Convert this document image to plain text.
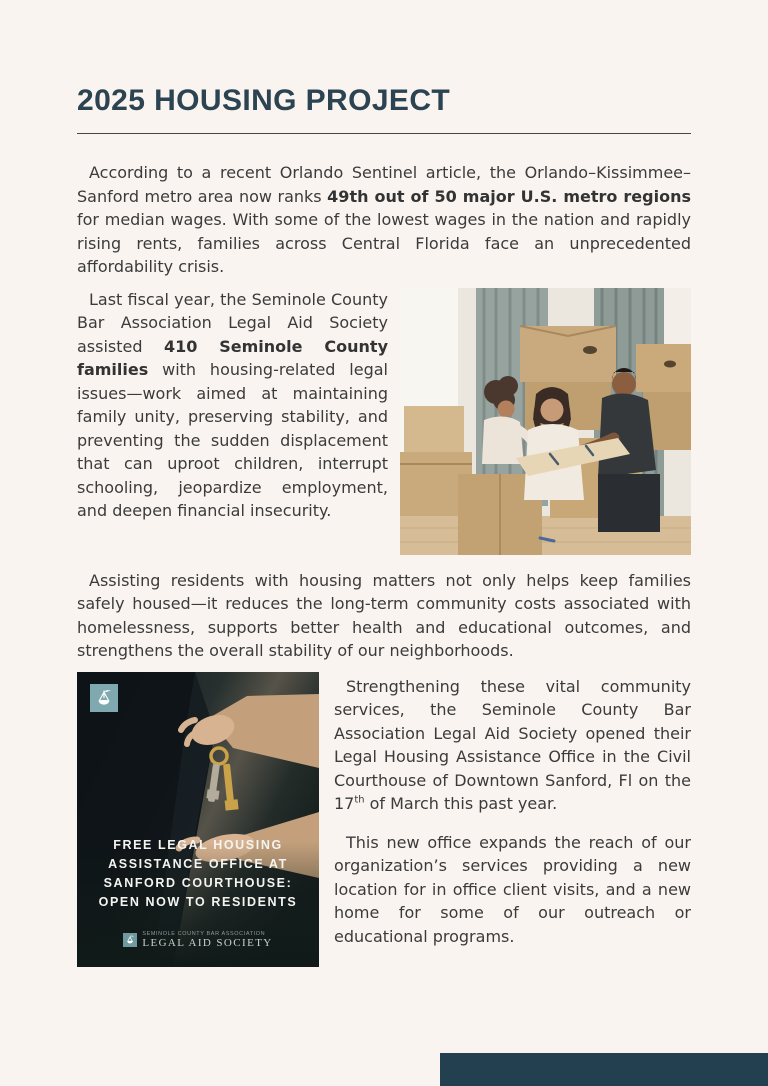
2025 HOUSING PROJECT

According to a recent Orlando Sentinel article, the Orlando–Kissimmee–Sanford metro area now ranks 49th out of 50 major U.S. metro regions for median wages. With some of the lowest wages in the nation and rapidly rising rents, families across Central Florida face an unprecedented affordability crisis.

Last fiscal year, the Seminole County Bar Association Legal Aid Society assisted 410 Seminole County families with housing-related legal issues—work aimed at maintaining family unity, preserving stability, and preventing the sudden displacement that can uproot children, interrupt schooling, jeopardize employment, and deepen financial insecurity.

Assisting residents with housing matters not only helps keep families safely housed—it reduces the long-term community costs associated with homelessness, supports better health and educational outcomes, and strengthens the overall stability of our neighborhoods.

FREE LEGAL HOUSING
ASSISTANCE OFFICE AT
SANFORD COURTHOUSE:
OPEN NOW TO RESIDENTS
SEMINOLE COUNTY BAR ASSOCIATION
LEGAL AID SOCIETY

Strengthening these vital community services, the Seminole County Bar Association Legal Aid Society opened their Legal Housing Assistance Office in the Civil Courthouse of Downtown Sanford, Fl on the 17th of March this past year.

This new office expands the reach of our organization’s services providing a new location for in office client visits, and a new home for some of our outreach or educational programs.
